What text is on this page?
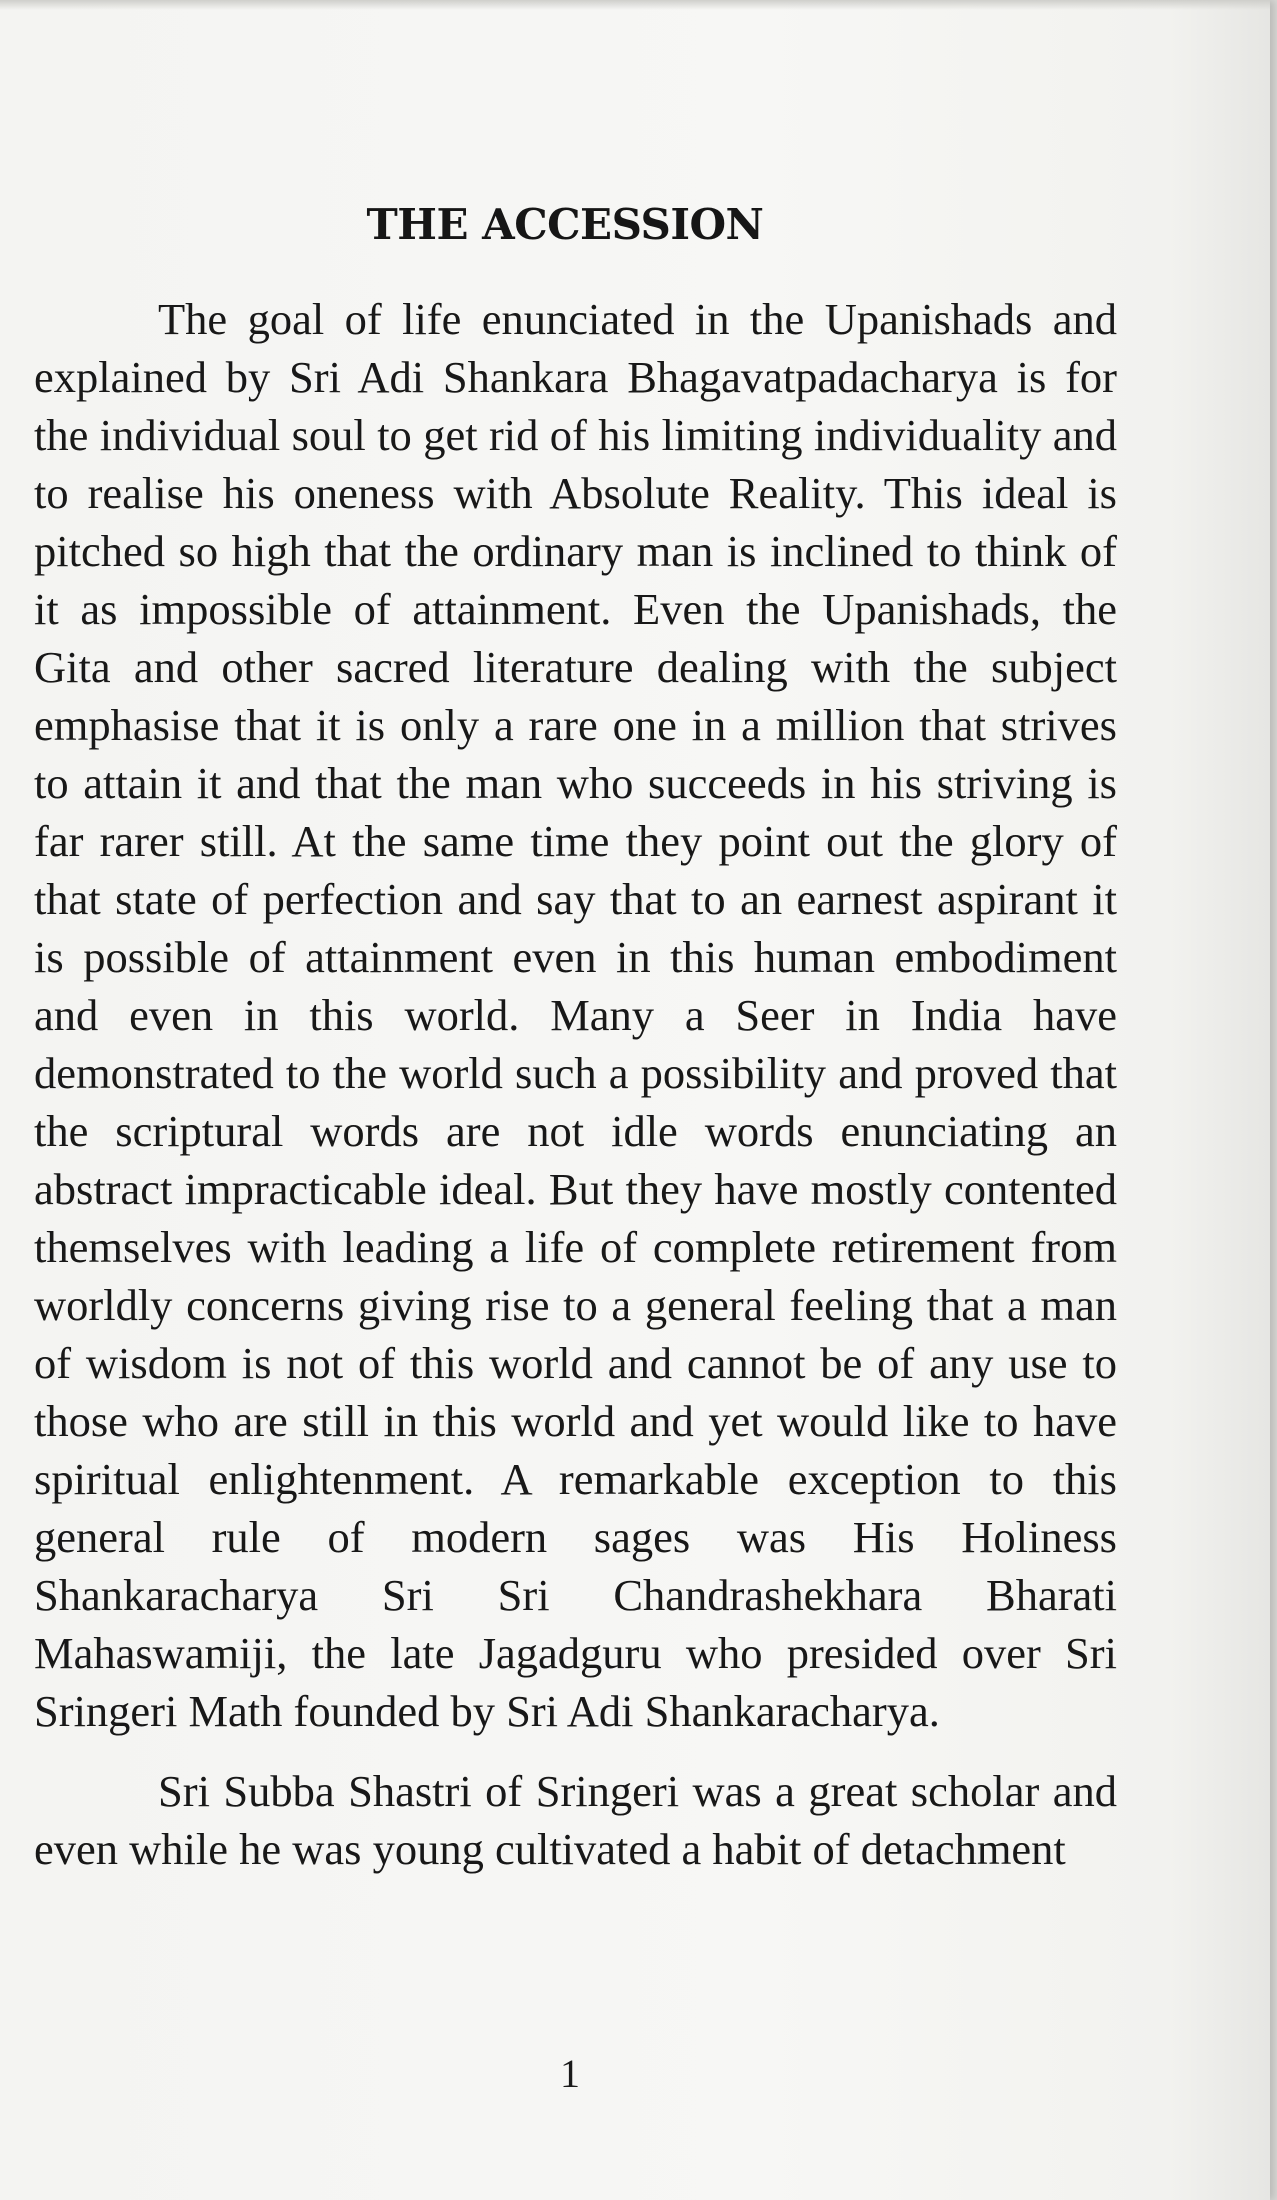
THE ACCESSION

The goal of life enunciated in the Upanishads and explained by Sri Adi Shankara Bhagavatpadacharya is for the individual soul to get rid of his limiting individuality and to realise his oneness with Absolute Reality. This ideal is pitched so high that the ordinary man is inclined to think of it as impossible of attainment. Even the Upanishads, the Gita and other sacred literature dealing with the subject emphasise that it is only a rare one in a million that strives to attain it and that the man who succeeds in his striving is far rarer still. At the same time they point out the glory of that state of perfection and say that to an earnest aspirant it is possible of attainment even in this human embodiment and even in this world. Many a Seer in India have demonstrated to the world such a possibility and proved that the scriptural words are not idle words enunciating an abstract impracticable ideal. But they have mostly contented themselves with leading a life of complete retirement from worldly concerns giving rise to a general feeling that a man of wisdom is not of this world and cannot be of any use to those who are still in this world and yet would like to have spiritual enlightenment. A remarkable exception to this general rule of modern sages was His Holiness Shankaracharya Sri Sri Chandrashekhara Bharati Mahaswamiji, the late Jagadguru who presided over Sri Sringeri Math founded by Sri Adi Shankaracharya.

Sri Subba Shastri of Sringeri was a great scholar and even while he was young cultivated a habit of detachment

1
